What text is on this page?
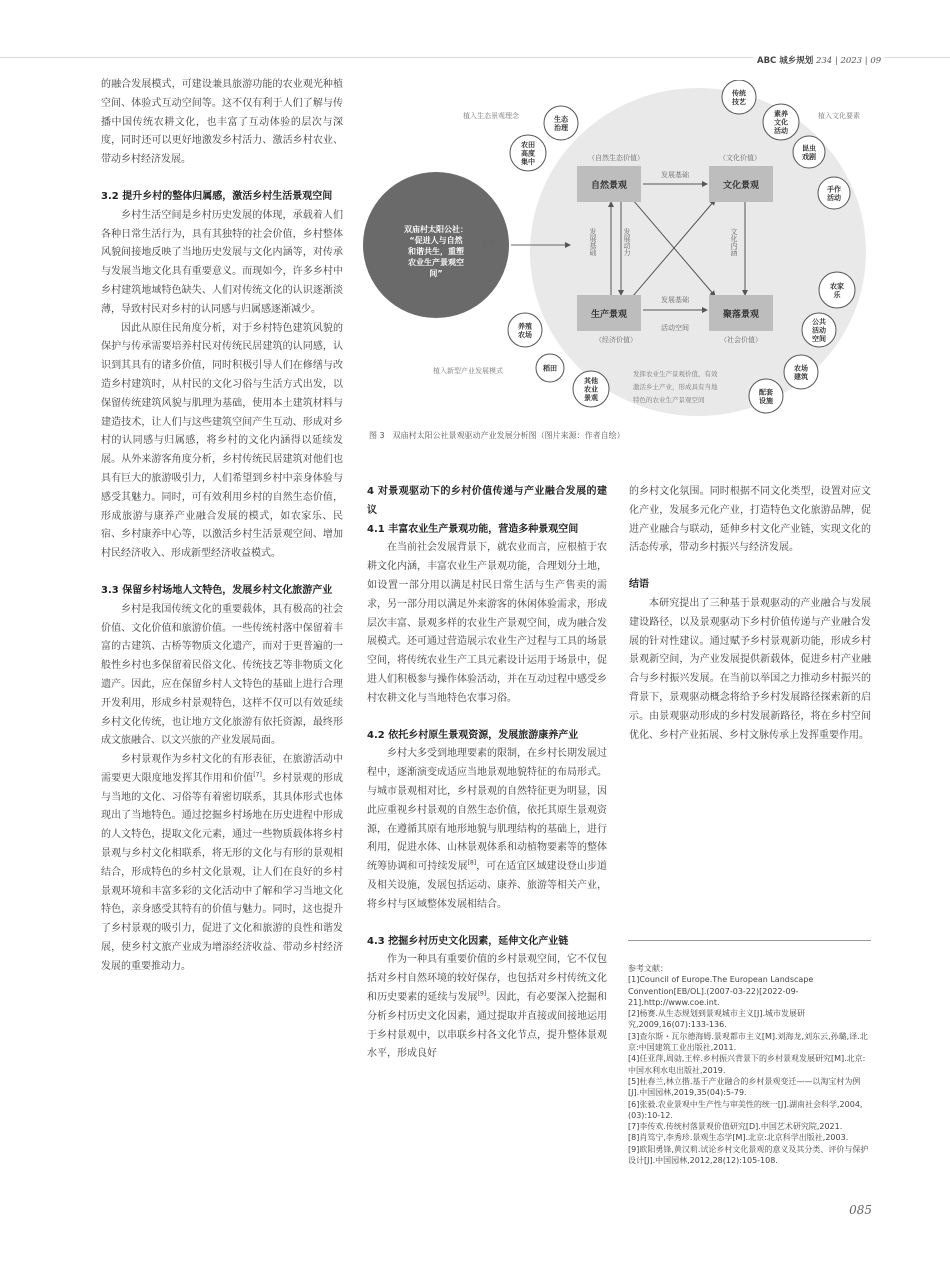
ABC 城乡规划 234 | 2023 | 09
双庙村太阳公社：
“促进人与自然
和谐共生，重塑
农业生产景观空
间”
主导
植入生态景观理念	植入文化要素
植入新型产业发展模式
（自然生态价值）	（文化价值）
（经济价值）	（社会价值）
发展基础
发展基础
活动空间
发展基础	发展动力	文化内涵
自然景观	文化景观
生产景观	聚落景观
生态
治理
农田
高度
集中
传统
技艺
素养
文化
活动
昆虫
戏剧
手作
活动
农家
乐
公共
活动
空间
农场
建筑
配套
设施
其他
农业
景观
稻田
养殖
农场
发挥农业生产景观价值，有效
激活乡土产业，形成具有当地
特色的农业生产景观空间
图 3　双庙村太阳公社景观驱动产业发展分析图（图片来源：作者自绘）

的融合发展模式，可建设兼具旅游功能的农业观光种植空间、体验式互动空间等。这不仅有利于人们了解与传播中国传统农耕文化，也丰富了互动体验的层次与深度，同时还可以更好地激发乡村活力、激活乡村农业、带动乡村经济发展。

3.2 提升乡村的整体归属感，激活乡村生活景观空间

乡村生活空间是乡村历史发展的体现，承载着人们各种日常生活行为，具有其独特的社会价值，乡村整体风貌间接地反映了当地历史发展与文化内涵等，对传承与发展当地文化具有重要意义。而现如今，许多乡村中乡村建筑地域特色缺失、人们对传统文化的认识逐渐淡薄，导致村民对乡村的认同感与归属感逐渐减少。

因此从原住民角度分析，对于乡村特色建筑风貌的保护与传承需要培养村民对传统民居建筑的认同感，认识到其具有的诸多价值，同时积极引导人们在修缮与改造乡村建筑时，从村民的文化习俗与生活方式出发，以保留传统建筑风貌与肌理为基础，使用本土建筑材料与建造技术，让人们与这些建筑空间产生互动、形成对乡村的认同感与归属感，将乡村的文化内涵得以延续发展。从外来游客角度分析，乡村传统民居建筑对他们也具有巨大的旅游吸引力，人们希望到乡村中亲身体验与感受其魅力。同时，可有效利用乡村的自然生态价值，形成旅游与康养产业融合发展的模式，如农家乐、民宿、乡村康养中心等，以激活乡村生活景观空间、增加村民经济收入、形成新型经济收益模式。

3.3 保留乡村场地人文特色，发展乡村文化旅游产业

乡村是我国传统文化的重要载体，具有极高的社会价值、文化价值和旅游价值。一些传统村落中保留着丰富的古建筑、古桥等物质文化遗产，而对于更普遍的一般性乡村也多保留着民俗文化、传统技艺等非物质文化遗产。因此，应在保留乡村人文特色的基础上进行合理开发利用，形成乡村景观特色，这样不仅可以有效延续乡村文化传统，也让地方文化旅游有依托资源，最终形成文旅融合、以文兴旅的产业发展局面。

乡村景观作为乡村文化的有形表征，在旅游活动中需要更大限度地发挥其作用和价值[7]。乡村景观的形成与当地的文化、习俗等有着密切联系，其具体形式也体现出了当地特色。通过挖掘乡村场地在历史进程中形成的人文特色，提取文化元素，通过一些物质载体将乡村景观与乡村文化相联系，将无形的文化与有形的景观相结合，形成特色的乡村文化景观，让人们在良好的乡村景观环境和丰富多彩的文化活动中了解和学习当地文化特色，亲身感受其特有的价值与魅力。同时，这也提升了乡村景观的吸引力，促进了文化和旅游的良性和谐发展，使乡村文旅产业成为增添经济收益、带动乡村经济发展的重要推动力。

4 对景观驱动下的乡村价值传递与产业融合发展的建议
4.1 丰富农业生产景观功能，营造多种景观空间

在当前社会发展背景下，就农业而言，应根植于农耕文化内涵，丰富农业生产景观功能，合理划分土地，如设置一部分用以满足村民日常生活与生产售卖的需求，另一部分用以满足外来游客的休闲体验需求，形成层次丰富、景观多样的农业生产景观空间，成为融合发展模式。还可通过营造展示农业生产过程与工具的场景空间，将传统农业生产工具元素设计运用于场景中，促进人们积极参与操作体验活动，并在互动过程中感受乡村农耕文化与当地特色农事习俗。

4.2 依托乡村原生景观资源，发展旅游康养产业

乡村大多受到地理要素的限制，在乡村长期发展过程中，逐渐演变成适应当地景观地貌特征的布局形式。与城市景观相对比，乡村景观的自然特征更为明显，因此应重视乡村景观的自然生态价值，依托其原生景观资源，在遵循其原有地形地貌与肌理结构的基础上，进行利用，促进水体、山林景观体系和动植物要素等的整体统筹协调和可持续发展[8]，可在适宜区域建设登山步道及相关设施，发展包括运动、康养、旅游等相关产业，将乡村与区域整体发展相结合。

4.3 挖掘乡村历史文化因素，延伸文化产业链

作为一种具有重要价值的乡村景观空间，它不仅包括对乡村自然环境的较好保存，也包括对乡村传统文化和历史要素的延续与发展[9]。因此，有必要深入挖掘和分析乡村历史文化因素，通过提取并直接或间接地运用于乡村景观中，以串联乡村各文化节点，提升整体景观水平，形成良好

的乡村文化氛围。同时根据不同文化类型，设置对应文化产业，发展多元化产业，打造特色文化旅游品牌，促进产业融合与联动，延伸乡村文化产业链，实现文化的活态传承，带动乡村振兴与经济发展。

结语

本研究提出了三种基于景观驱动的产业融合与发展建设路径，以及景观驱动下乡村价值传递与产业融合发展的针对性建议。通过赋予乡村景观新功能，形成乡村景观新空间，为产业发展提供新载体，促进乡村产业融合与乡村振兴发展。在当前以举国之力推动乡村振兴的背景下，景观驱动概念将给予乡村发展路径探索新的启示。由景观驱动形成的乡村发展新路径，将在乡村空间优化、乡村产业拓展、乡村文脉传承上发挥重要作用。

参考文献：
[1]Council of Europe.The European Landscape Convention[EB/OL].(2007-03-22)[2022-09-21].http://www.coe.int.
[2]杨赛.从生态规划到景观城市主义[J].城市发展研究,2009,16(07):133-136.
[3]查尔斯・瓦尔德海姆.景观都市主义[M].刘海龙,刘东云,孙璐,译.北京:中国建筑工业出版社,2011.
[4]任亚萍,周勍,王梓.乡村振兴背景下的乡村景观发展研究[M].北京:中国水利水电出版社,2019.
[5]杜春兰,林立揩.基于产业融合的乡村景观变迁——以淘宝村为例[J].中国园林,2019,35(04):5-79.
[6]张毅.农业景观中生产性与审美性的统一[J].湖南社会科学,2004,(03):10-12.
[7]李传欢.传统村落景观价值研究[D].中国艺术研究院,2021.
[8]肖笃宁,李秀珍.景观生态学[M].北京:北京科学出版社,2003.
[9]欧阳勇锋,黄汉莉.试论乡村文化景观的意义及其分类、评价与保护设计[J].中国园林,2012,28(12):105-108.
085
